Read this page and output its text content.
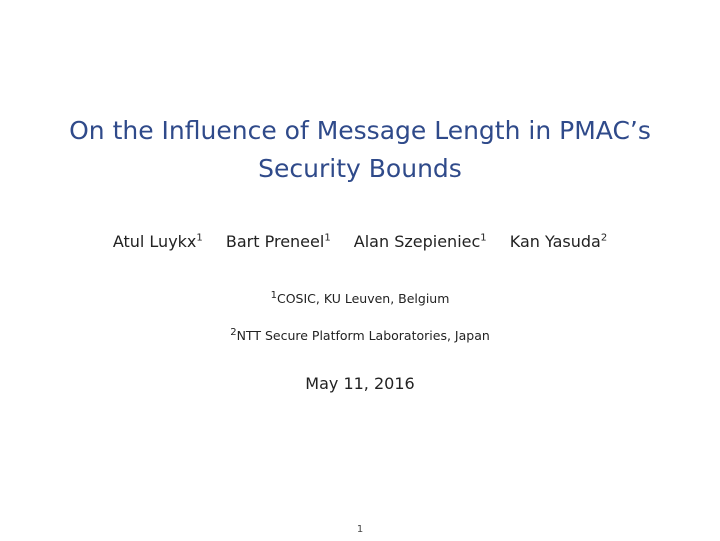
On the Influence of Message Length in PMAC’s
Security Bounds
Atul Luykx$^1$ Bart Preneel$^1$ Alan Szepieniec$^1$ Kan Yasuda$^2$
$^1$COSIC, KU Leuven, Belgium
$^2$NTT Secure Platform Laboratories, Japan
May 11, 2016
1
